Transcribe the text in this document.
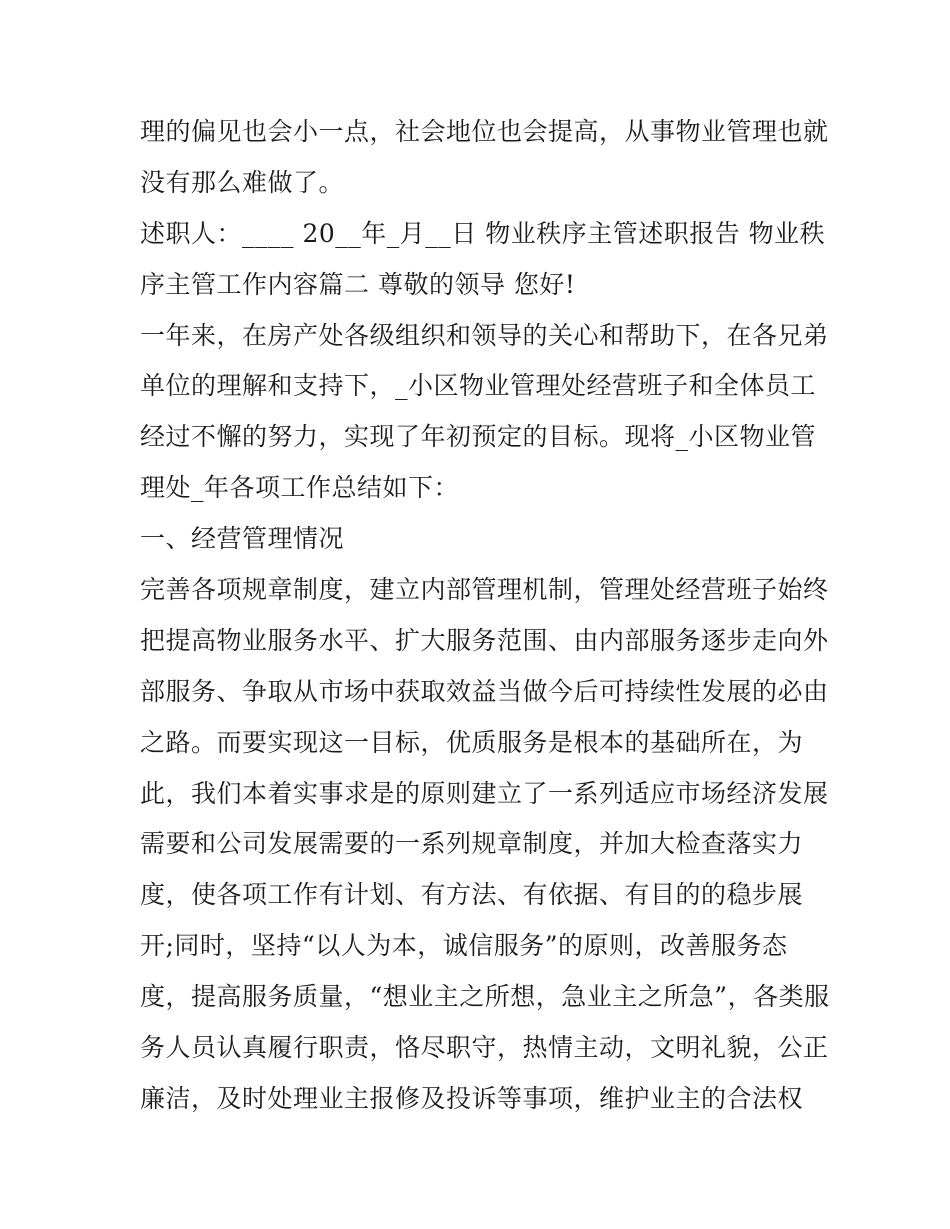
理的偏见也会小一点，社会地位也会提高，从事物业管理也就
没有那么难做了。
述职人：____ 20__年_月__日 物业秩序主管述职报告 物业秩
序主管工作内容篇二 尊敬的领导 您好!
一年来，在房产处各级组织和领导的关心和帮助下，在各兄弟
单位的理解和支持下，_小区物业管理处经营班子和全体员工
经过不懈的努力，实现了年初预定的目标。现将_小区物业管
理处_年各项工作总结如下：
一、经营管理情况
完善各项规章制度，建立内部管理机制，管理处经营班子始终
把提高物业服务水平、扩大服务范围、由内部服务逐步走向外
部服务、争取从市场中获取效益当做今后可持续性发展的必由
之路。而要实现这一目标，优质服务是根本的基础所在，为
此，我们本着实事求是的原则建立了一系列适应市场经济发展
需要和公司发展需要的一系列规章制度，并加大检查落实力
度，使各项工作有计划、有方法、有依据、有目的的稳步展
开;同时，坚持“以人为本，诚信服务”的原则，改善服务态
度，提高服务质量，“想业主之所想，急业主之所急”，各类服
务人员认真履行职责，恪尽职守，热情主动，文明礼貌，公正
廉洁，及时处理业主报修及投诉等事项，维护业主的合法权
